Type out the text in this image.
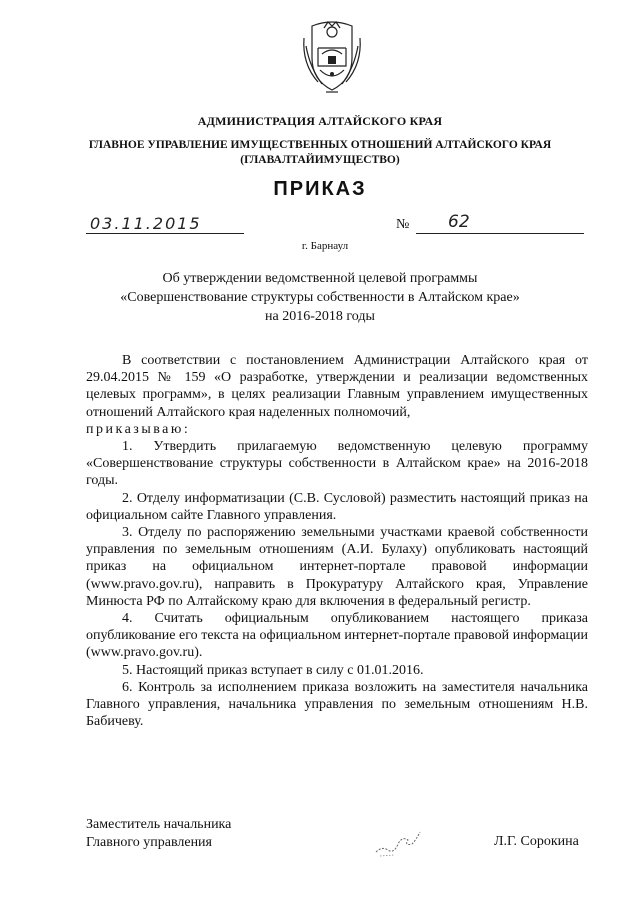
АДМИНИСТРАЦИЯ АЛТАЙСКОГО КРАЯ
ГЛАВНОЕ УПРАВЛЕНИЕ ИМУЩЕСТВЕННЫХ ОТНОШЕНИЙ АЛТАЙСКОГО КРАЯ
(ГЛАВАЛТАЙИМУЩЕСТВО)
ПРИКАЗ
03.11.2015	№ 62
г. Барнаул
Об утверждении ведомственной целевой программы
«Совершенствование структуры собственности в Алтайском крае»
на 2016-2018 годы

В соответствии с постановлением Администрации Алтайского края от 29.04.2015 № 159 «О разработке, утверждении и реализации ведомственных целевых программ», в целях реализации Главным управлением имущественных отношений Алтайского края наделенных полномочий,

приказываю:

1. Утвердить прилагаемую ведомственную целевую программу «Совершенствование структуры собственности в Алтайском крае» на 2016-2018 годы.

2. Отделу информатизации (С.В. Сусловой) разместить настоящий приказ на официальном сайте Главного управления.

3. Отделу по распоряжению земельными участками краевой собственности управления по земельным отношениям (А.И. Булаху) опубликовать настоящий приказ на официальном интернет-портале правовой информации (www.pravo.gov.ru), направить в Прокуратуру Алтайского края, Управление Минюста РФ по Алтайскому краю для включения в федеральный регистр.

4. Считать официальным опубликованием настоящего приказа опубликование его текста на официальном интернет-портале правовой информации (www.pravo.gov.ru).

5. Настоящий приказ вступает в силу с 01.01.2016.

6. Контроль за исполнением приказа возложить на заместителя начальника Главного управления, начальника управления по земельным отношениям Н.В. Бабичеву.

Заместитель начальника
Главного управления	Л.Г. Сорокина
